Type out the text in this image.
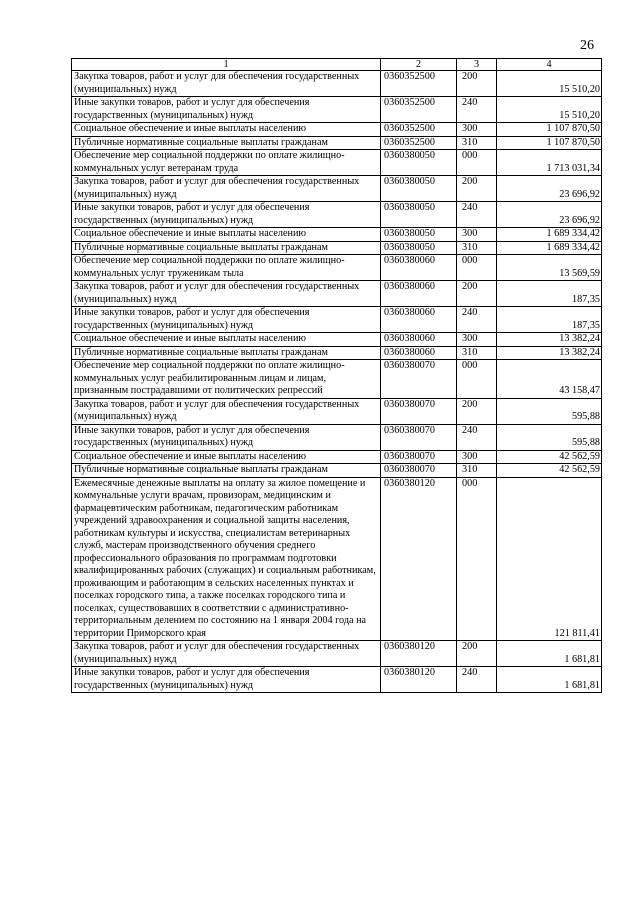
26
1	2	3	4
Закупка товаров, работ и услуг для обеспечения государственных (муниципальных) нужд	0360352500	200	15 510,20
Иные закупки товаров, работ и услуг для обеспечения государственных (муниципальных) нужд	0360352500	240	15 510,20
Социальное обеспечение и иные выплаты населению	0360352500	300	1 107 870,50
Публичные нормативные социальные выплаты гражданам	0360352500	310	1 107 870,50
Обеспечение мер социальной поддержки по оплате жилищно-коммунальных услуг ветеранам труда	0360380050	000	1 713 031,34
Закупка товаров, работ и услуг для обеспечения государственных (муниципальных) нужд	0360380050	200	23 696,92
Иные закупки товаров, работ и услуг для обеспечения государственных (муниципальных) нужд	0360380050	240	23 696,92
Социальное обеспечение и иные выплаты населению	0360380050	300	1 689 334,42
Публичные нормативные социальные выплаты гражданам	0360380050	310	1 689 334,42
Обеспечение мер социальной поддержки по оплате жилищно-коммунальных услуг труженикам тыла	0360380060	000	13 569,59
Закупка товаров, работ и услуг для обеспечения государственных (муниципальных) нужд	0360380060	200	187,35
Иные закупки товаров, работ и услуг для обеспечения государственных (муниципальных) нужд	0360380060	240	187,35
Социальное обеспечение и иные выплаты населению	0360380060	300	13 382,24
Публичные нормативные социальные выплаты гражданам	0360380060	310	13 382,24
Обеспечение мер социальной поддержки по оплате жилищно-коммунальных услуг реабилитированным лицам и лицам, признанным пострадавшими от политических репрессий	0360380070	000	43 158,47
Закупка товаров, работ и услуг для обеспечения государственных (муниципальных) нужд	0360380070	200	595,88
Иные закупки товаров, работ и услуг для обеспечения государственных (муниципальных) нужд	0360380070	240	595,88
Социальное обеспечение и иные выплаты населению	0360380070	300	42 562,59
Публичные нормативные социальные выплаты гражданам	0360380070	310	42 562,59
Ежемесячные денежные выплаты на оплату за жилое помещение и коммунальные услуги врачам, провизорам, медицинским и фармацевтическим работникам, педагогическим работникам учреждений здравоохранения и социальной защиты населения, работникам культуры и искусства, специалистам ветеринарных служб, мастерам производственного обучения среднего профессионального образования по программам подготовки квалифицированных рабочих (служащих) и социальным работникам, проживающим и работающим в сельских населенных пунктах и поселках городского типа, а также поселках городского типа и поселках, существовавших в соответствии с административно-территориальным делением по состоянию на 1 января 2004 года на территории Приморского края	0360380120	000	121 811,41
Закупка товаров, работ и услуг для обеспечения государственных (муниципальных) нужд	0360380120	200	1 681,81
Иные закупки товаров, работ и услуг для обеспечения государственных (муниципальных) нужд	0360380120	240	1 681,81
